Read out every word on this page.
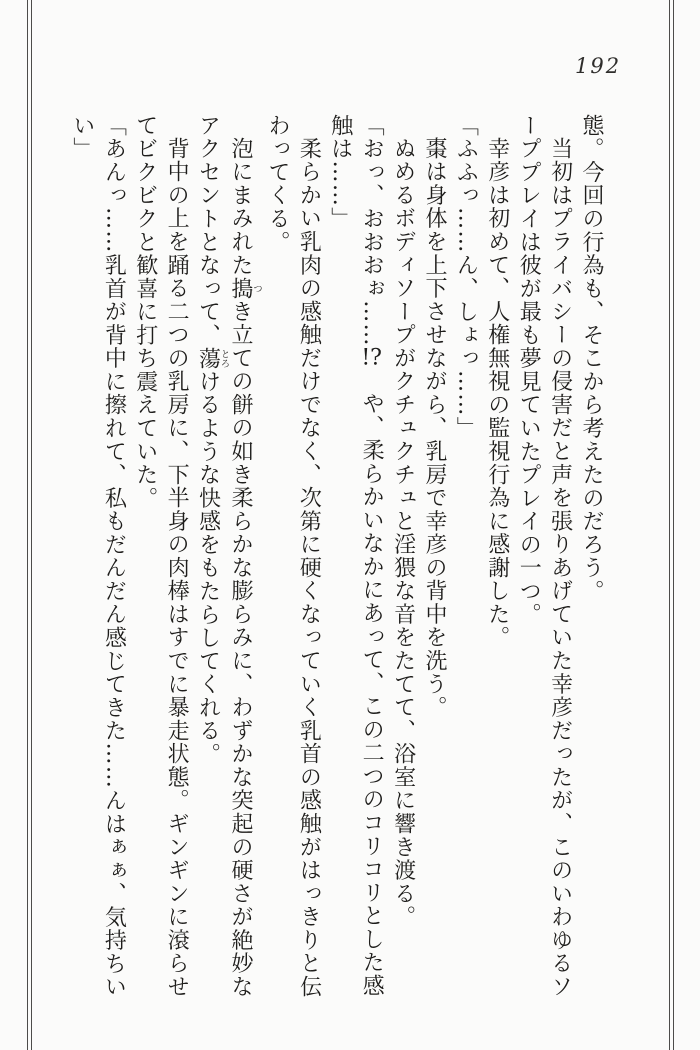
192

態。今回の行為も、そこから考えたのだろう。

当初はプライバシーの侵害だと声を張りあげていた幸彦だったが、このいわゆるソーププレイは彼が最も夢見ていたプレイの一つ。

幸彦は初めて、人権無視の監視行為に感謝した。

「ふふっ……ん、しょっ……」

棗は身体を上下させながら、乳房で幸彦の背中を洗う。

ぬめるボディソープがクチュクチュと淫猥な音をたてて、浴室に響き渡る。

「おっ、おおおぉ……!?　や、柔らかいなかにあって、この二つのコリコリとした感触は……」

柔らかい乳肉の感触だけでなく、次第に硬くなっていく乳首の感触がはっきりと伝わってくる。

泡にまみれた搗つき立ての餅の如き柔らかな膨らみに、わずかな突起の硬さが絶妙なアクセントとなって、蕩とろけるような快感をもたらしてくれる。

背中の上を踊る二つの乳房に、下半身の肉棒はすでに暴走状態。ギンギンに滾らせてビクビクと歓喜に打ち震えていた。

「あんっ……乳首が背中に擦れて、私もだんだん感じてきた……んはぁぁ、気持ちいい」
